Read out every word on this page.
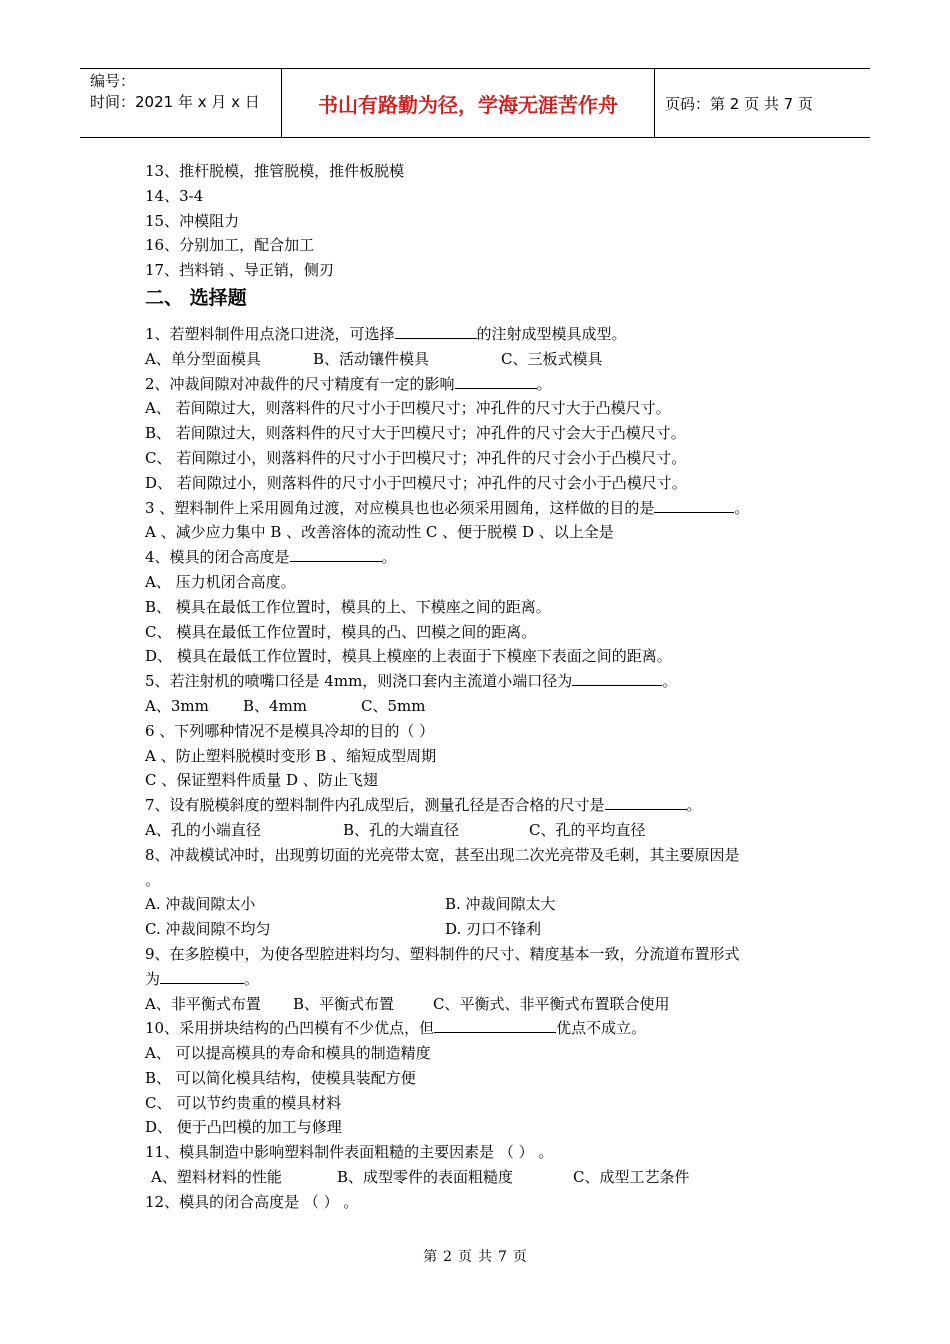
编号：
时间：2021 年 x 月 x 日	书山有路勤为径，学海无涯苦作舟	页码：第 2 页 共 7 页
13、推杆脱模，推管脱模，推件板脱模
14、3-4
15、冲模阻力
16、分别加工，配合加工
17、挡料销 、导正销，侧刃
二、 选择题
1、若塑料制件用点浇口进浇，可选择	的注射成型模具成型。
A、单分型面模具	B、活动镶件模具	C、三板式模具
2、冲裁间隙对冲裁件的尺寸精度有一定的影响	。
A、 若间隙过大，则落料件的尺寸小于凹模尺寸；冲孔件的尺寸大于凸模尺寸。
B、 若间隙过大，则落料件的尺寸大于凹模尺寸；冲孔件的尺寸会大于凸模尺寸。
C、 若间隙过小，则落料件的尺寸小于凹模尺寸；冲孔件的尺寸会小于凸模尺寸。
D、 若间隙过小，则落料件的尺寸小于凹模尺寸；冲孔件的尺寸会小于凸模尺寸。
3 、塑料制件上采用圆角过渡，对应模具也也必须采用圆角，这样做的目的是	。
A 、减少应力集中 B 、改善溶体的流动性 C 、便于脱模 D 、以上全是
4、模具的闭合高度是	。
A、 压力机闭合高度。
B、 模具在最低工作位置时，模具的上、下模座之间的距离。
C、 模具在最低工作位置时，模具的凸、凹模之间的距离。
D、 模具在最低工作位置时，模具上模座的上表面于下模座下表面之间的距离。
5、若注射机的喷嘴口径是 4mm，则浇口套内主流道小端口径为	。
A、3mm	B、4mm	C、5mm
6 、下列哪种情况不是模具冷却的目的（ ）
A 、防止塑料脱模时变形 B 、缩短成型周期
C 、保证塑料件质量 D 、防止飞翅
7、设有脱模斜度的塑料制件内孔成型后，测量孔径是否合格的尺寸是	。
A、孔的小端直径	B、孔的大端直径	C、孔的平均直径
8、冲裁模试冲时，出现剪切面的光亮带太宽，甚至出现二次光亮带及毛刺，其主要原因是
。
A. 冲裁间隙太小	B. 冲裁间隙太大
C. 冲裁间隙不均匀	D. 刃口不锋利
9、在多腔模中，为使各型腔进料均匀、塑料制件的尺寸、精度基本一致，分流道布置形式
为	。
A、非平衡式布置	B、平衡式布置	C、平衡式、非平衡式布置联合使用
10、采用拼块结构的凸凹模有不少优点，但	优点不成立。
A、 可以提高模具的寿命和模具的制造精度
B、 可以简化模具结构，使模具装配方便
C、 可以节约贵重的模具材料
D、 便于凸凹模的加工与修理
11、模具制造中影响塑料制件表面粗糙的主要因素是 （ ） 。
A、塑料材料的性能	B、成型零件的表面粗糙度	C、成型工艺条件
12、模具的闭合高度是 （ ） 。
第 2 页 共 7 页
